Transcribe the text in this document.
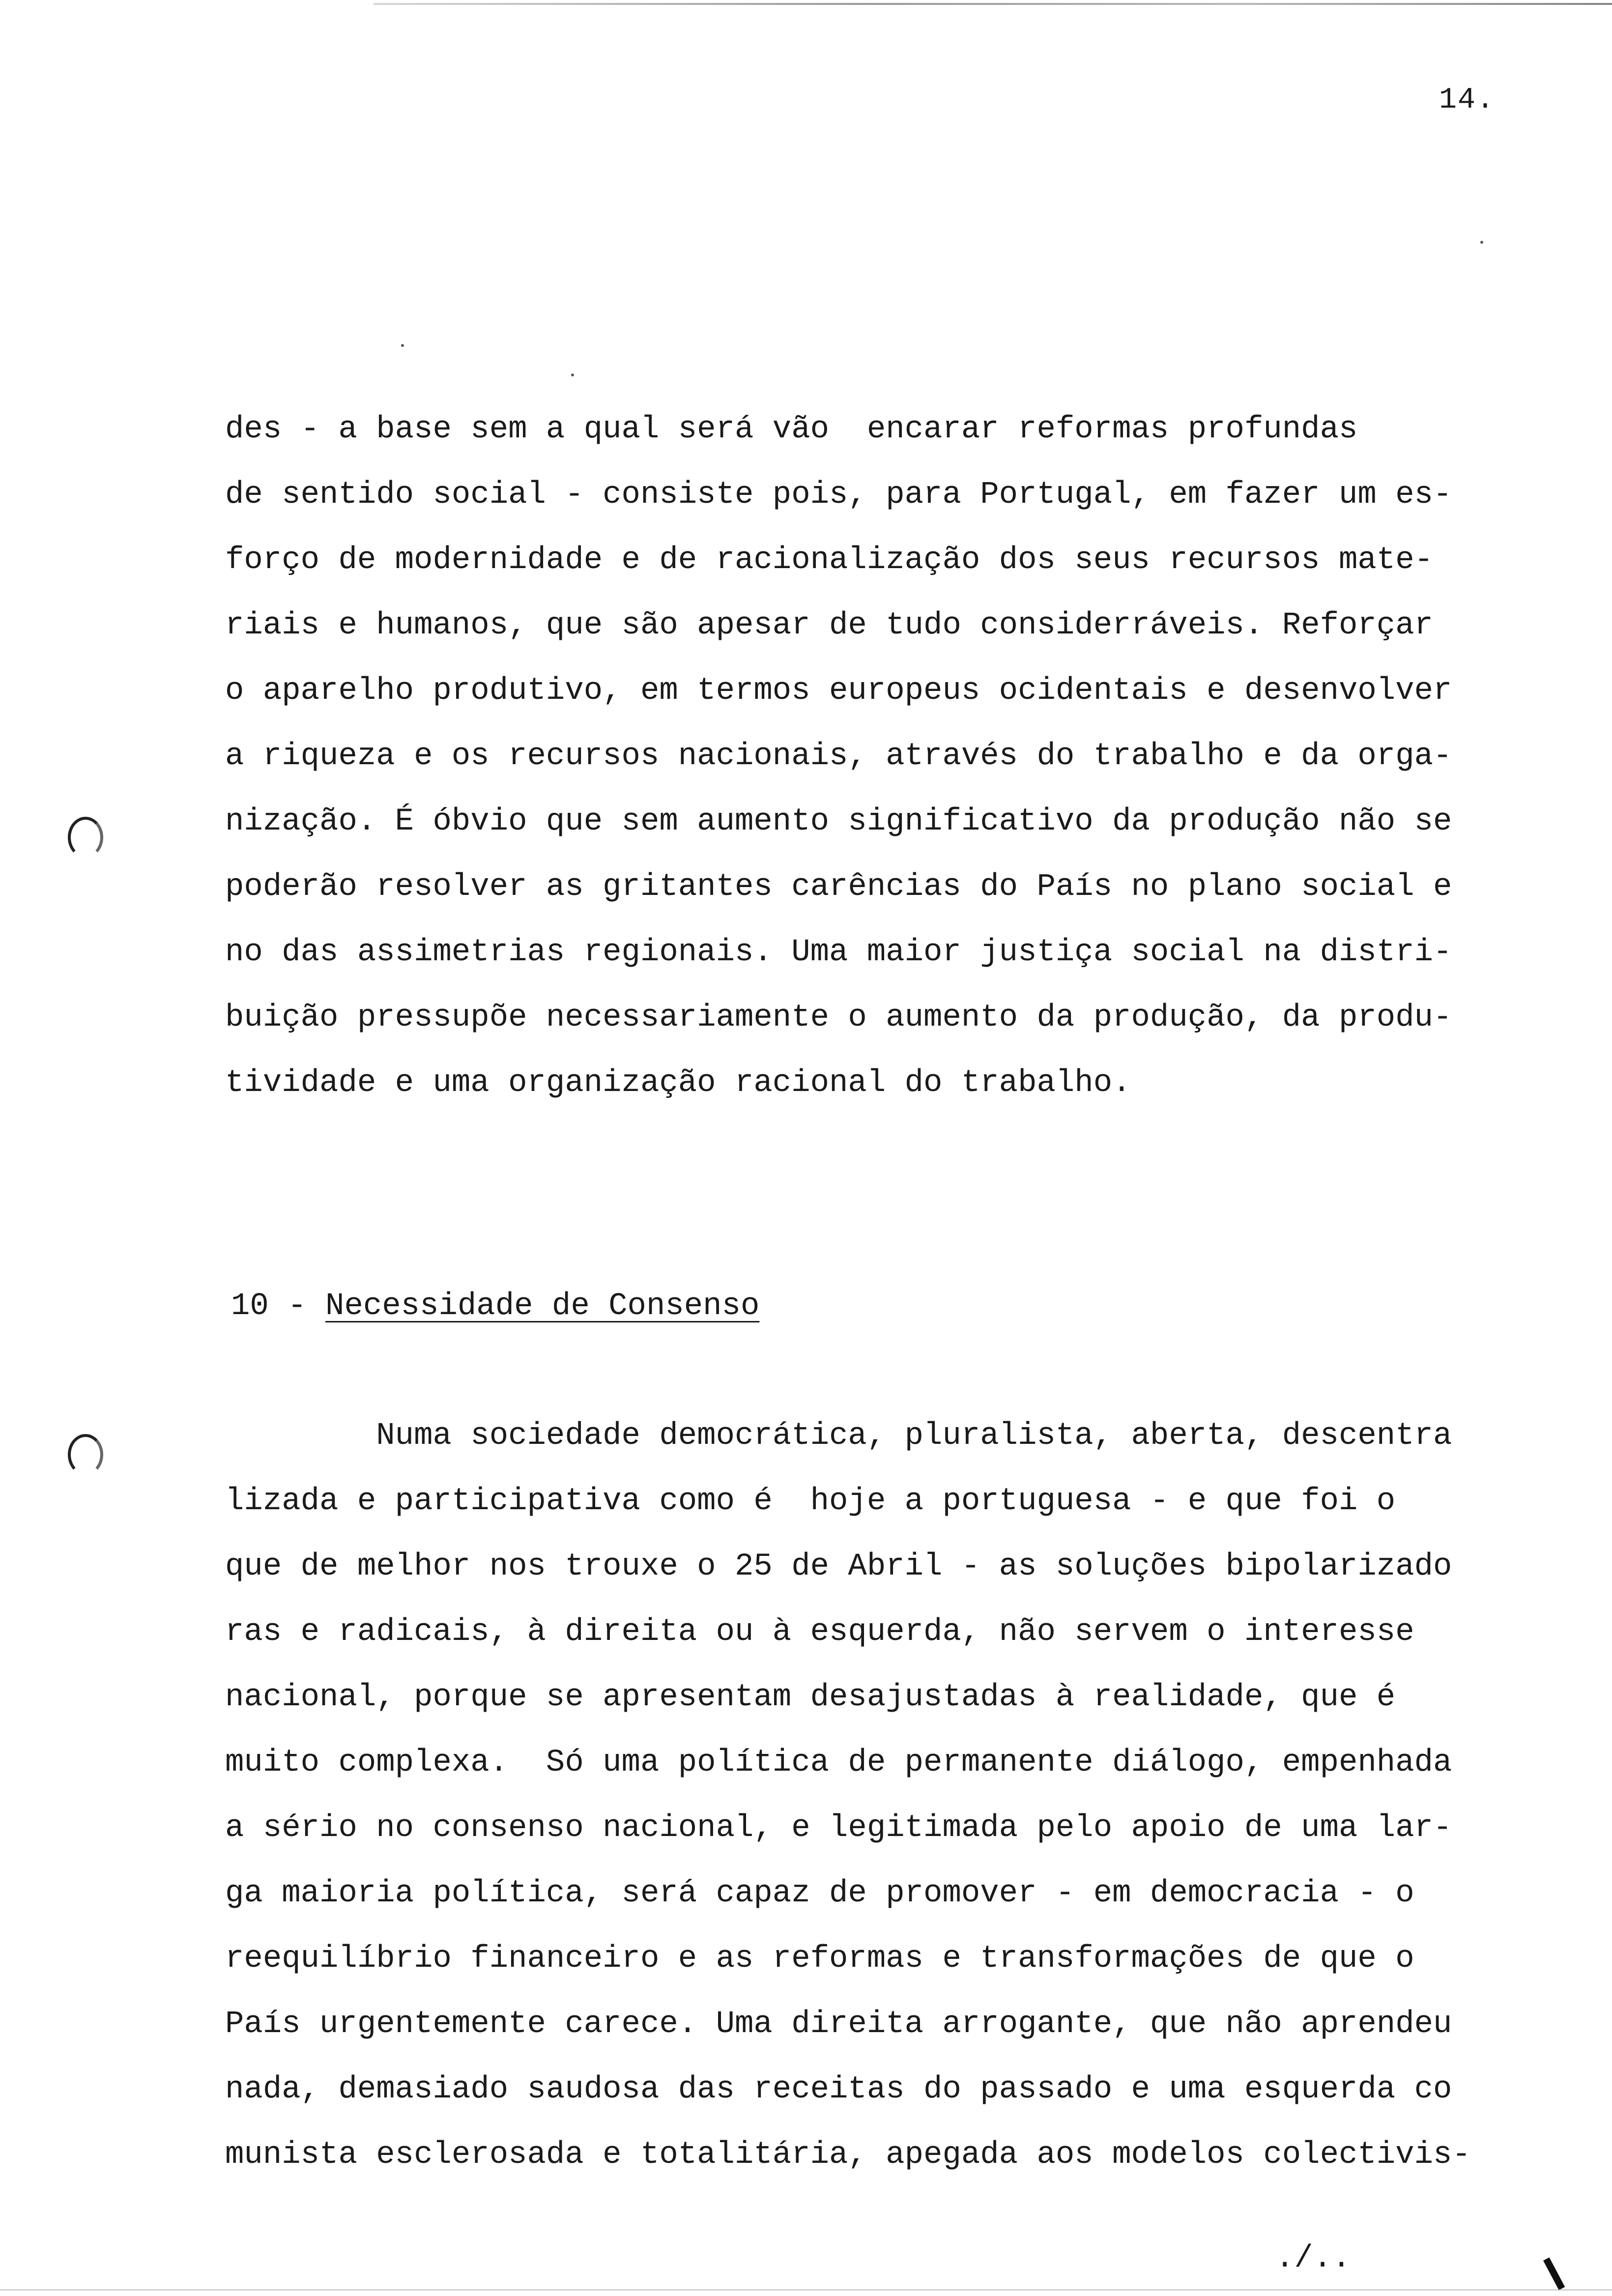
14.
des - a base sem a qual será vão  encarar reformas profundas
de sentido social - consiste pois, para Portugal, em fazer um es-
forço de modernidade e de racionalização dos seus recursos mate-
riais e humanos, que são apesar de tudo considerráveis. Reforçar
o aparelho produtivo, em termos europeus ocidentais e desenvolver
a riqueza e os recursos nacionais, através do trabalho e da orga-
nização. É óbvio que sem aumento significativo da produção não se
poderão resolver as gritantes carências do País no plano social e
no das assimetrias regionais. Uma maior justiça social na distri-
buição pressupõe necessariamente o aumento da produção, da produ-
tividade e uma organização racional do trabalho.
10 - Necessidade de Consenso
Numa sociedade democrática, pluralista, aberta, descentra
lizada e participativa como é  hoje a portuguesa - e que foi o
que de melhor nos trouxe o 25 de Abril - as soluções bipolarizado
ras e radicais, à direita ou à esquerda, não servem o interesse
nacional, porque se apresentam desajustadas à realidade, que é
muito complexa.  Só uma política de permanente diálogo, empenhada
a sério no consenso nacional, e legitimada pelo apoio de uma lar-
ga maioria política, será capaz de promover - em democracia - o
reequilíbrio financeiro e as reformas e transformações de que o
País urgentemente carece. Uma direita arrogante, que não aprendeu
nada, demasiado saudosa das receitas do passado e uma esquerda co
munista esclerosada e totalitária, apegada aos modelos colectivis-
./..
